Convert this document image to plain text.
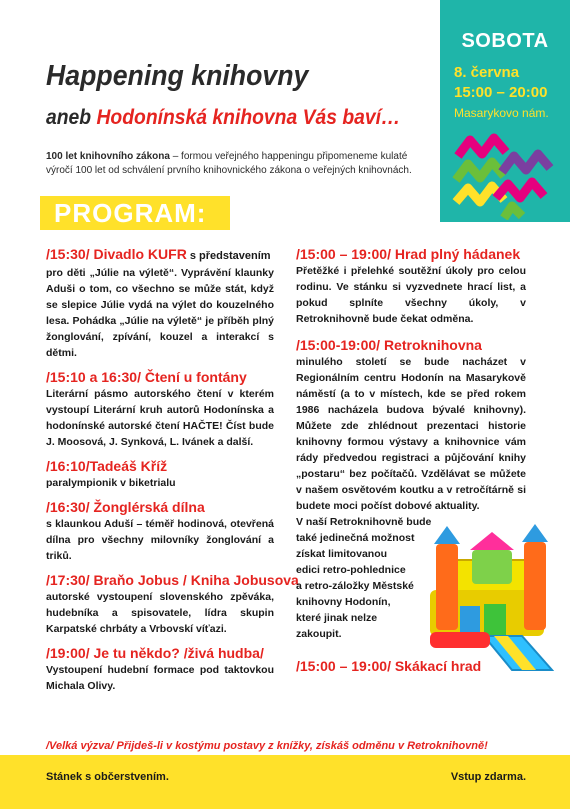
SOBOTA
8. června
15:00 – 20:00
Masarykovo nám.
Happening knihovny
aneb Hodonínská knihovna Vás baví…
100 let knihovního zákona – formou veřejného happeningu připomeneme kulaté výročí 100 let od schválení prvního knihovnického zákona o veřejných knihovnách.
PROGRAM:
/15:30/ Divadlo KUFR s představením
pro děti „Júlie na výletě“. Vyprávění klaunky Aduši o tom, co všechno se může stát, když se slepice Júlie vydá na výlet do kouzelného lesa. Pohádka „Júlie na výletě“ je příběh plný žonglování, zpívání, kouzel a interakcí s dětmi.
/15:10 a 16:30/ Čtení u fontány
Literární pásmo autorského čtení v kterém vystoupí Literární kruh autorů Hodonínska a hodonínské autorské čtení HAČTE! Číst bude J. Moosová, J. Synková, L. Ivánek a další.
/16:10/Tadeáš Kříž
paralympionik v biketrialu
/16:30/ Žonglérská dílna
s klaunkou Aduší – téměř hodinová, otevřená dílna pro všechny milovníky žonglování a triků.
/17:30/ Braňo Jobus / Kniha Jobusova
autorské vystoupení slovenského zpěváka, hudebníka a spisovatele, lídra skupin Karpatské chrbáty a Vrbovskí víťazi.
/19:00/ Je tu někdo? /živá hudba/
Vystoupení hudební formace pod taktovkou Michala Olivy.
/15:00 – 19:00/ Hrad plný hádanek
Přetěžké i přelehké soutěžní úkoly pro celou rodinu. Ve stánku si vyzvednete hrací list, a pokud splníte všechny úkoly, v Retroknihovně bude čekat odměna.
/15:00-19:00/ Retroknihovna
minulého století se bude nacházet v Regionálním centru Hodonín na Masarykově náměstí (a to v místech, kde se před rokem 1986 nacházela budova bývalé knihovny). Můžete zde zhlédnout prezentaci historie knihovny formou výstavy a knihovnice vám rády předvedou registraci a půjčování knihy „postaru“ bez počítačů. Vzdělávat se můžete v našem osvětovém koutku a v retročítárně si budete moci počíst dobové aktuality.
V naší Retroknihovně bude
také jedinečná možnost
získat limitovanou
edici retro-pohlednice
a retro-záložky Městské
knihovny Hodonín,
které jinak nelze
zakoupit.
/15:00 – 19:00/ Skákací hrad
/Velká výzva/ Přijdeš-li v kostýmu postavy z knížky, získáš odměnu v Retroknihovně!
Stánek s občerstvením.	Vstup zdarma.
